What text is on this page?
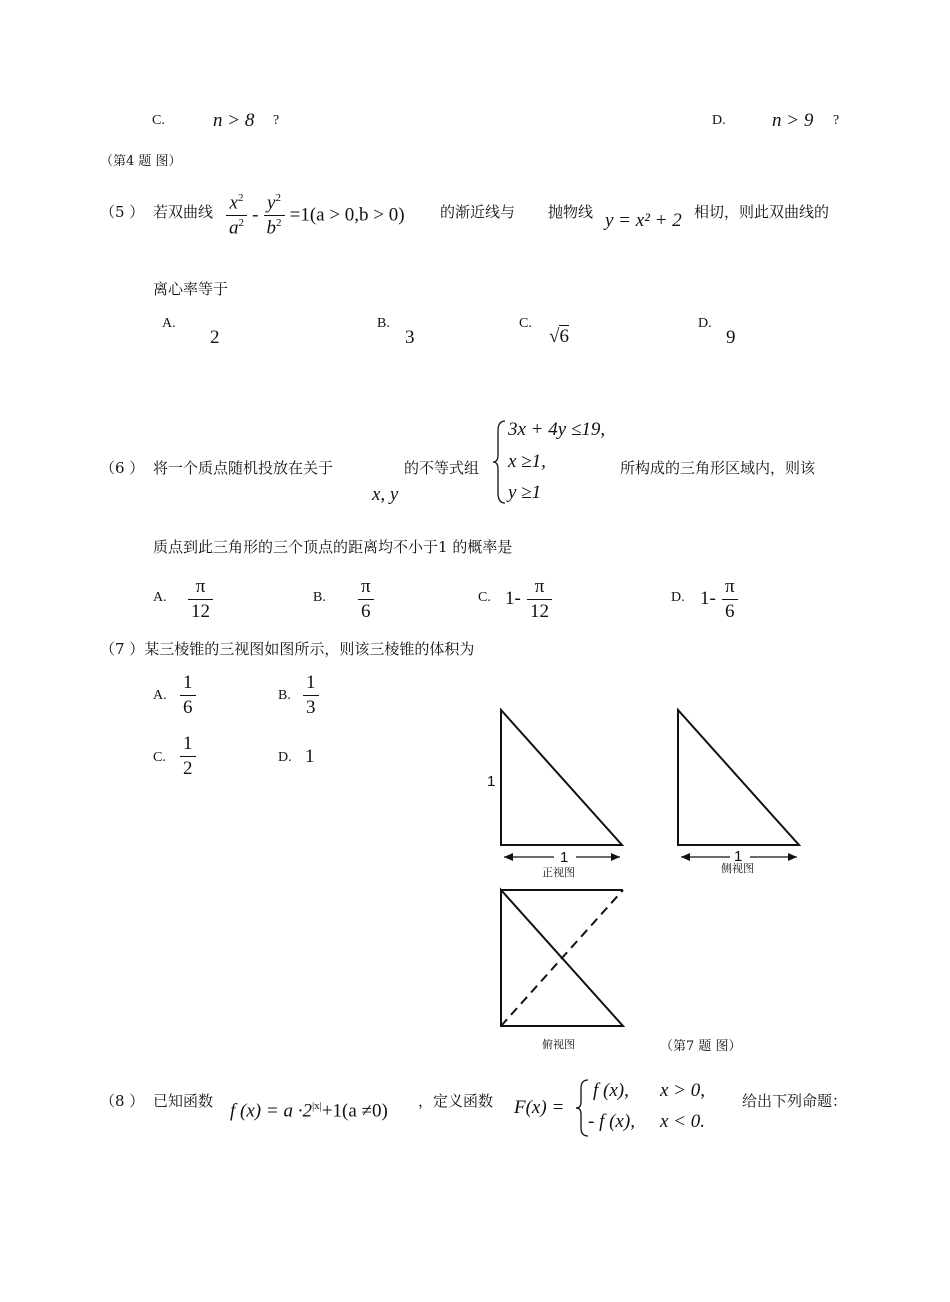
C.	n > 8 ?	D. n > 9 ?
（第4 题 图）
（5 ） 若双曲线 $\frac{x^2}{a^2} - \frac{y^2}{b^2} =1(a > 0,b > 0)$ 的渐近线与 抛物线 y = x² + 2 相切，则此双曲线的
离心率等于
A.
2
B.
3
C.
√6
D.
9
（6 ） 将一个质点随机投放在关于
x, y
的不等式组
3x + 4y ≤19,
x ≥1,
y ≥1
所构成的三角形区域内，则该
质点到此三角形的三个顶点的距离均不小于1 的概率是
A. $\frac{\pi}{12}$	B. $\frac{\pi}{6}$	C. $1- \frac{\pi}{12}$	D. $1- \frac{\pi}{6}$
（7 ）某三棱锥的三视图如图所示，则该三棱锥的体积为
A. $\frac{1}{6}$	B. $\frac{1}{3}$
C. $\frac{1}{2}$	D. 1
1
1
正视图
1
侧视图
俯视图	（第7 题 图）
（8 ） 已知函数 f $(x) = a \cdot 2^{|x|}+1(a \ne 0)$ ，定义函数 F(x) =
f (x), x > 0,
- f (x), x < 0.
给出下列命题：
